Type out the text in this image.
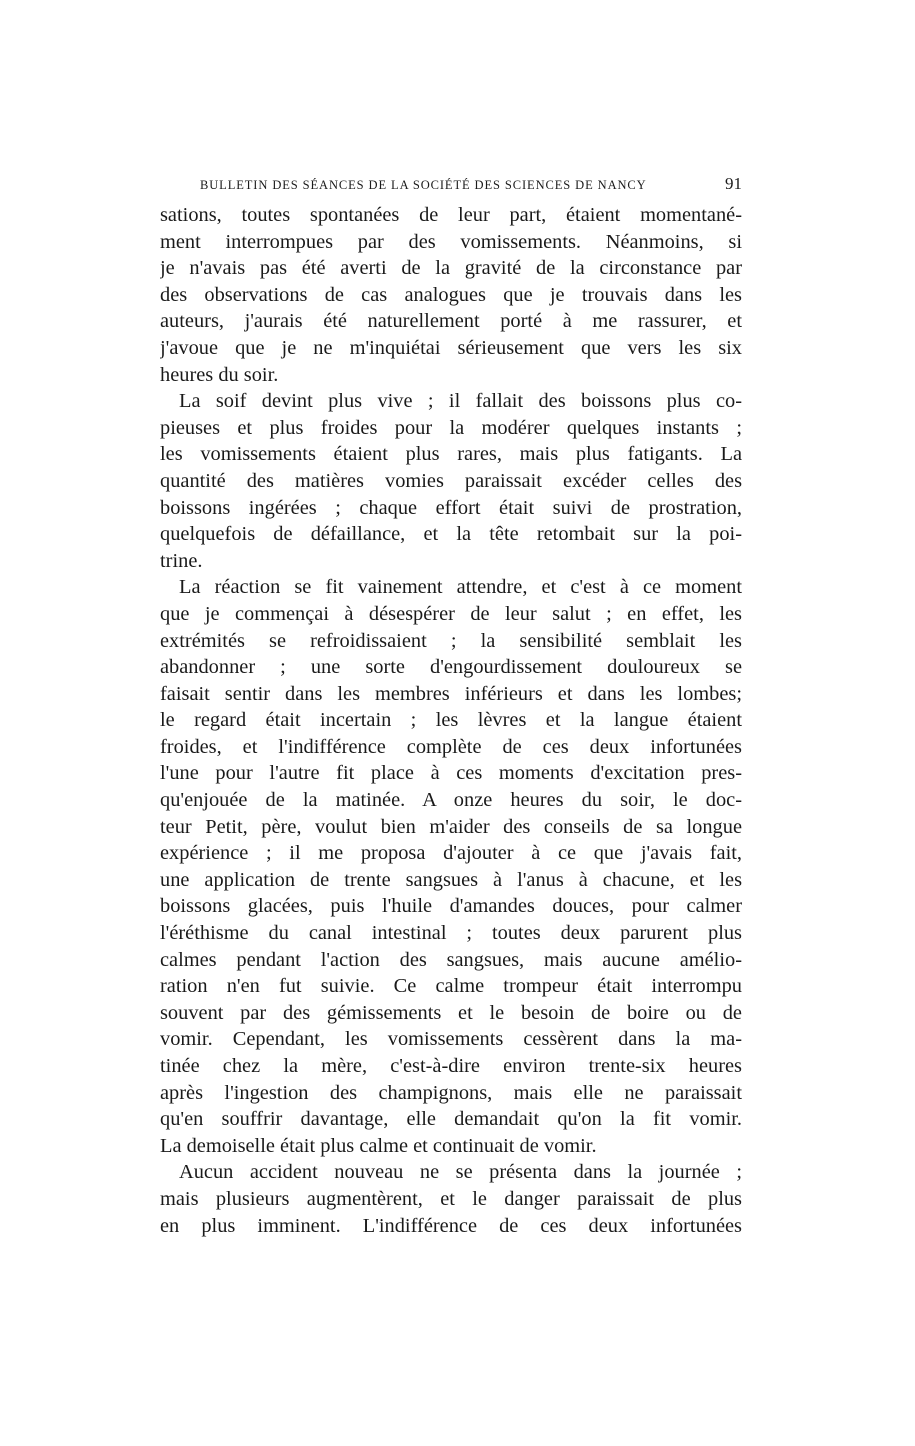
BULLETIN DES SÉANCES DE LA SOCIÉTÉ DES SCIENCES DE NANCY	91
sations, toutes spontanées de leur part, étaient momentané-
ment interrompues par des vomissements. Néanmoins, si
je n'avais pas été averti de la gravité de la circonstance par
des observations de cas analogues que je trouvais dans les
auteurs, j'aurais été naturellement porté à me rassurer, et
j'avoue que je ne m'inquiétai sérieusement que vers les six
heures du soir.
La soif devint plus vive ; il fallait des boissons plus co-
pieuses et plus froides pour la modérer quelques instants ;
les vomissements étaient plus rares, mais plus fatigants. La
quantité des matières vomies paraissait excéder celles des
boissons ingérées ; chaque effort était suivi de prostration,
quelquefois de défaillance, et la tête retombait sur la poi-
trine.
La réaction se fit vainement attendre, et c'est à ce moment
que je commençai à désespérer de leur salut ; en effet, les
extrémités se refroidissaient ; la sensibilité semblait les
abandonner ; une sorte d'engourdissement douloureux se
faisait sentir dans les membres inférieurs et dans les lombes;
le regard était incertain ; les lèvres et la langue étaient
froides, et l'indifférence complète de ces deux infortunées
l'une pour l'autre fit place à ces moments d'excitation pres-
qu'enjouée de la matinée. A onze heures du soir, le doc-
teur Petit, père, voulut bien m'aider des conseils de sa longue
expérience ; il me proposa d'ajouter à ce que j'avais fait,
une application de trente sangsues à l'anus à chacune, et les
boissons glacées, puis l'huile d'amandes douces, pour calmer
l'éréthisme du canal intestinal ; toutes deux parurent plus
calmes pendant l'action des sangsues, mais aucune amélio-
ration n'en fut suivie. Ce calme trompeur était interrompu
souvent par des gémissements et le besoin de boire ou de
vomir. Cependant, les vomissements cessèrent dans la ma-
tinée chez la mère, c'est-à-dire environ trente-six heures
après l'ingestion des champignons, mais elle ne paraissait
qu'en souffrir davantage, elle demandait qu'on la fit vomir.
La demoiselle était plus calme et continuait de vomir.
Aucun accident nouveau ne se présenta dans la journée ;
mais plusieurs augmentèrent, et le danger paraissait de plus
en plus imminent. L'indifférence de ces deux infortunées
